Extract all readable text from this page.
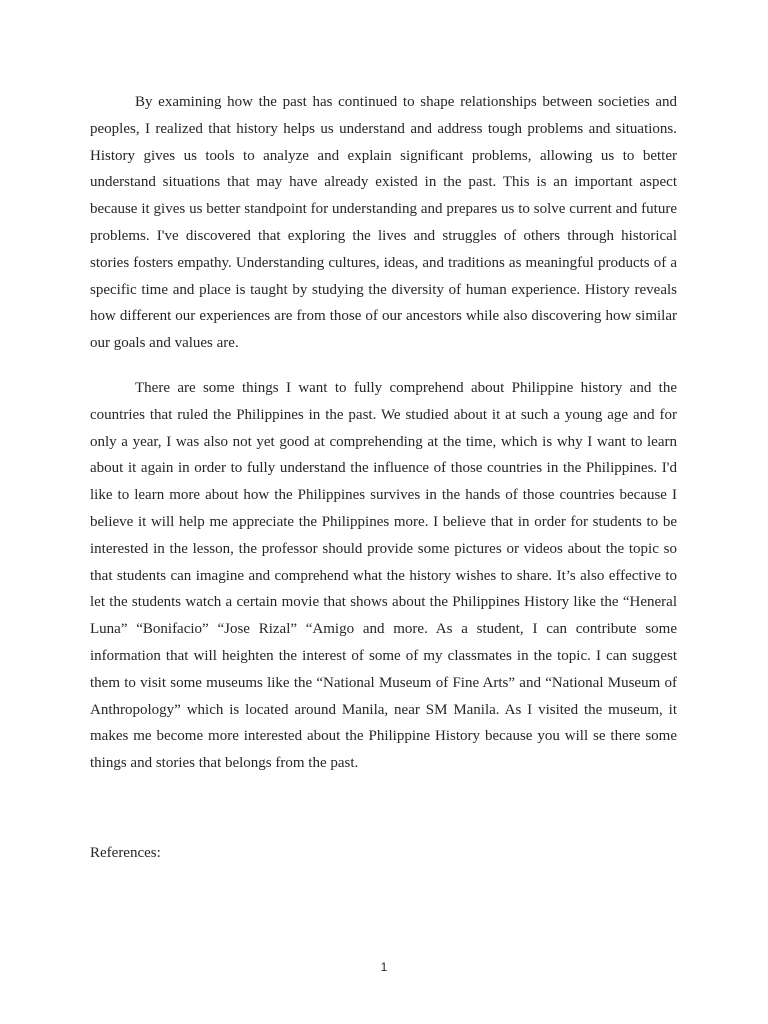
By examining how the past has continued to shape relationships between societies and peoples, I realized that history helps us understand and address tough problems and situations. History gives us tools to analyze and explain significant problems, allowing us to better understand situations that may have already existed in the past. This is an important aspect because it gives us better standpoint for understanding and prepares us to solve current and future problems. I've discovered that exploring the lives and struggles of others through historical stories fosters empathy. Understanding cultures, ideas, and traditions as meaningful products of a specific time and place is taught by studying the diversity of human experience. History reveals how different our experiences are from those of our ancestors while also discovering how similar our goals and values are.

There are some things I want to fully comprehend about Philippine history and the countries that ruled the Philippines in the past. We studied about it at such a young age and for only a year, I was also not yet good at comprehending at the time, which is why I want to learn about it again in order to fully understand the influence of those countries in the Philippines. I'd like to learn more about how the Philippines survives in the hands of those countries because I believe it will help me appreciate the Philippines more. I believe that in order for students to be interested in the lesson, the professor should provide some pictures or videos about the topic so that students can imagine and comprehend what the history wishes to share. It’s also effective to let the students watch a certain movie that shows about the Philippines History like the “Heneral Luna” “Bonifacio” “Jose Rizal” “Amigo and more. As a student, I can contribute some information that will heighten the interest of some of my classmates in the topic. I can suggest them to visit some museums like the “National Museum of Fine Arts” and “National Museum of Anthropology” which is located around Manila, near SM Manila. As I visited the museum, it makes me become more interested about the Philippine History because you will se there some things and stories that belongs from the past.

References:

1
